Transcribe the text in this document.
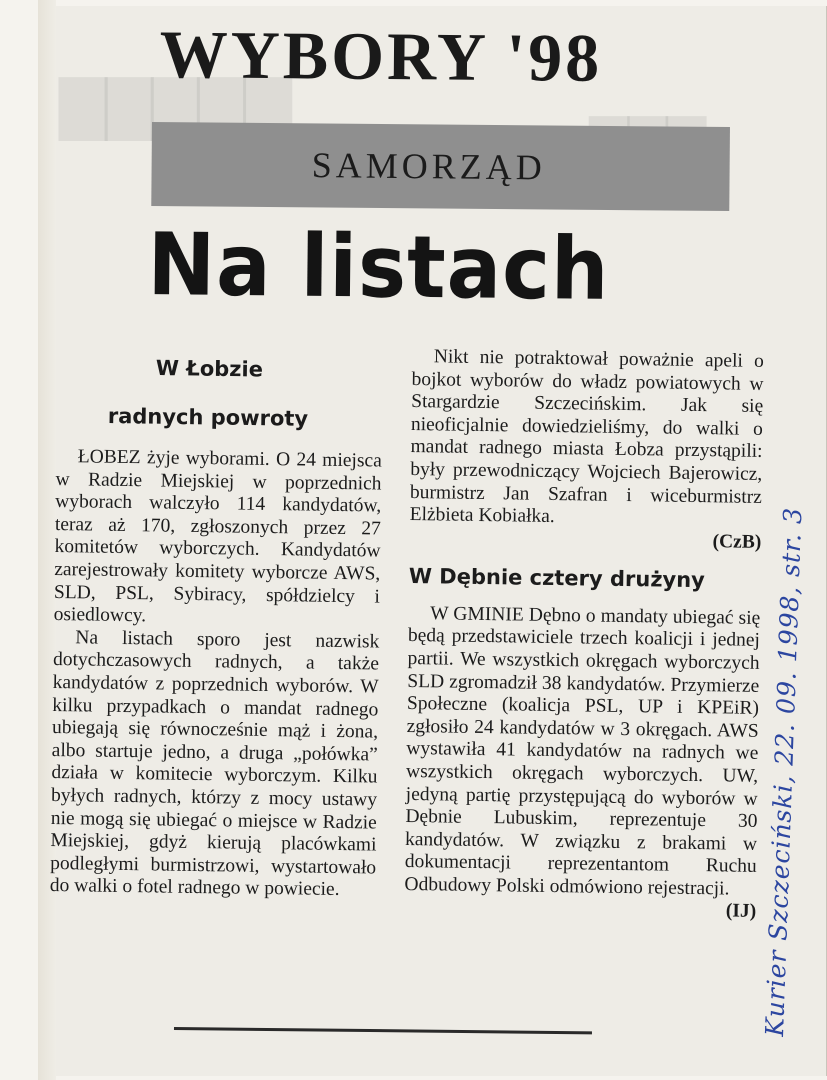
WYBORY '98
SAMORZĄD
Na listach
W Łobzie
radnych powroty

ŁOBEZ żyje wyborami. O 24 miejsca w Radzie Miejskiej w poprzednich wyborach walczyło 114 kandydatów, teraz aż 170, zgłoszonych przez 27 komitetów wyborczych. Kandydatów zarejestrowały komitety wyborcze AWS, SLD, PSL, Sybiracy, spółdzielcy i osiedlowcy.

Na listach sporo jest nazwisk dotychczasowych radnych, a także kandydatów z poprzednich wyborów. W kilku przypadkach o mandat radnego ubiegają się równocześnie mąż i żona, albo startuje jedno, a druga „połówka” działa w komitecie wyborczym. Kilku byłych radnych, którzy z mocy ustawy nie mogą się ubiegać o miejsce w Radzie Miejskiej, gdyż kierują placówkami podległymi burmistrzowi, wystartowało do walki o fotel radnego w powiecie.

Nikt nie potraktował poważnie apeli o bojkot wyborów do władz powiatowych w Stargardzie Szczecińskim. Jak się nieoficjalnie dowiedzieliśmy, do walki o mandat radnego miasta Łobza przystąpili: były przewodniczący Wojciech Bajerowicz, burmistrz Jan Szafran i wiceburmistrz Elżbieta Kobiałka.

(CzB)
W Dębnie cztery drużyny

W GMINIE Dębno o mandaty ubiegać się będą przedstawiciele trzech koalicji i jednej partii. We wszystkich okręgach wyborczych SLD zgromadził 38 kandydatów. Przymierze Społeczne (koalicja PSL, UP i KPEiR) zgłosiło 24 kandydatów w 3 okręgach. AWS wystawiła 41 kandydatów na radnych we wszystkich okręgach wyborczych. UW, jedyną partię przystępującą do wyborów w Dębnie Lubuskim, reprezentuje 30 kandydatów. W związku z brakami w dokumentacji reprezentantom Ruchu Odbudowy Polski odmówiono rejestracji.

(IJ) Kurier Szczeciński, 22. 09. 1998, str. 3
